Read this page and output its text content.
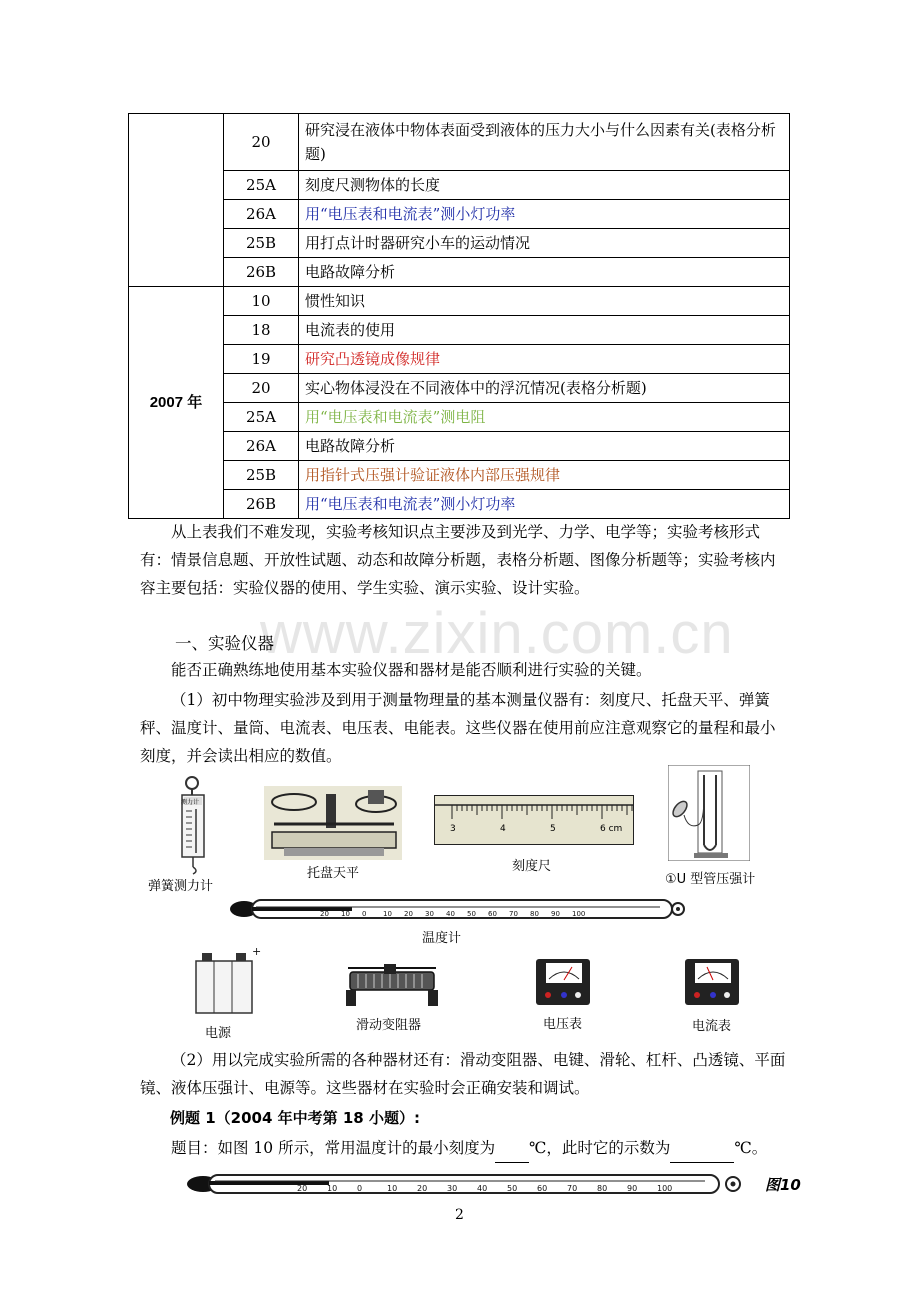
	20	研究浸在液体中物体表面受到液体的压力大小与什么因素有关(表格分析题)
	25A	刻度尺测物体的长度
	26A	用“电压表和电流表”测小灯功率
	25B	用打点计时器研究小车的运动情况
	26B	电路故障分析
2007 年	10	惯性知识
	18	电流表的使用
	19	研究凸透镜成像规律
	20	实心物体浸没在不同液体中的浮沉情况(表格分析题)
	25A	用“电压表和电流表”测电阻
	26A	电路故障分析
	25B	用指针式压强计验证液体内部压强规律
	26B	用“电压表和电流表”测小灯功率
从上表我们不难发现，实验考核知识点主要涉及到光学、力学、电学等；实验考核形式有：情景信息题、开放性试题、动态和故障分析题，表格分析题、图像分析题等；实验考核内容主要包括：实验仪器的使用、学生实验、演示实验、设计实验。
www.zixin.com.cn
一、实验仪器
能否正确熟练地使用基本实验仪器和器材是能否顺利进行实验的关键。
（1）初中物理实验涉及到用于测量物理量的基本测量仪器有：刻度尺、托盘天平、弹簧秤、温度计、量筒、电流表、电压表、电能表。这些仪器在使用前应注意观察它的量程和最小刻度，并会读出相应的数值。
测力计
弹簧测力计
托盘天平
3	4	5	6 cm
刻度尺
①U 型管压强计
20 10 0 10 20 30 40 50 60 70 80 90 100
温度计
+
电源
滑动变阻器	电压表	电流表
（2）用以完成实验所需的各种器材还有：滑动变阻器、电键、滑轮、杠杆、凸透镜、平面镜、液体压强计、电源等。这些器材在实验时会正确安装和调试。
例题 1（2004 年中考第 18 小题）:
题目：如图 10 所示，常用温度计的最小刻度为 ℃，此时它的示数为	℃。
20 10 0	10 20 30 40 50 60 70 80 90 100	图10
2
